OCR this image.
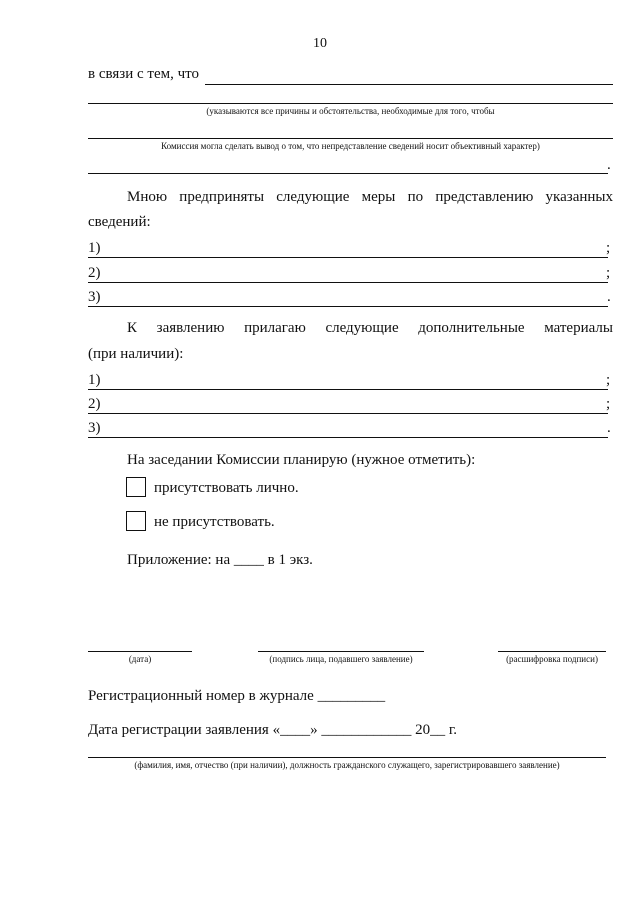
10
в связи с тем, что
(указываются все причины и обстоятельства, необходимые для того, чтобы
Комиссия могла сделать вывод о том, что непредставление сведений носит объективный характер)
.
Мною предприняты следующие меры по представлению указанных
сведений:
1)	;
2)	;
3)	.
К заявлению прилагаю следующие дополнительные материалы
(при наличии):
1)	;
2)	;
3)	.
На заседании Комиссии планирую (нужное отметить):
присутствовать лично.
не присутствовать.
Приложение: на ____ в 1 экз.
(дата)	(подпись лица, подавшего заявление)	(расшифровка подписи)
Регистрационный номер в журнале _________
Дата регистрации заявления «____» ____________ 20__ г.
(фамилия, имя, отчество (при наличии), должность гражданского служащего, зарегистрировавшего заявление)
